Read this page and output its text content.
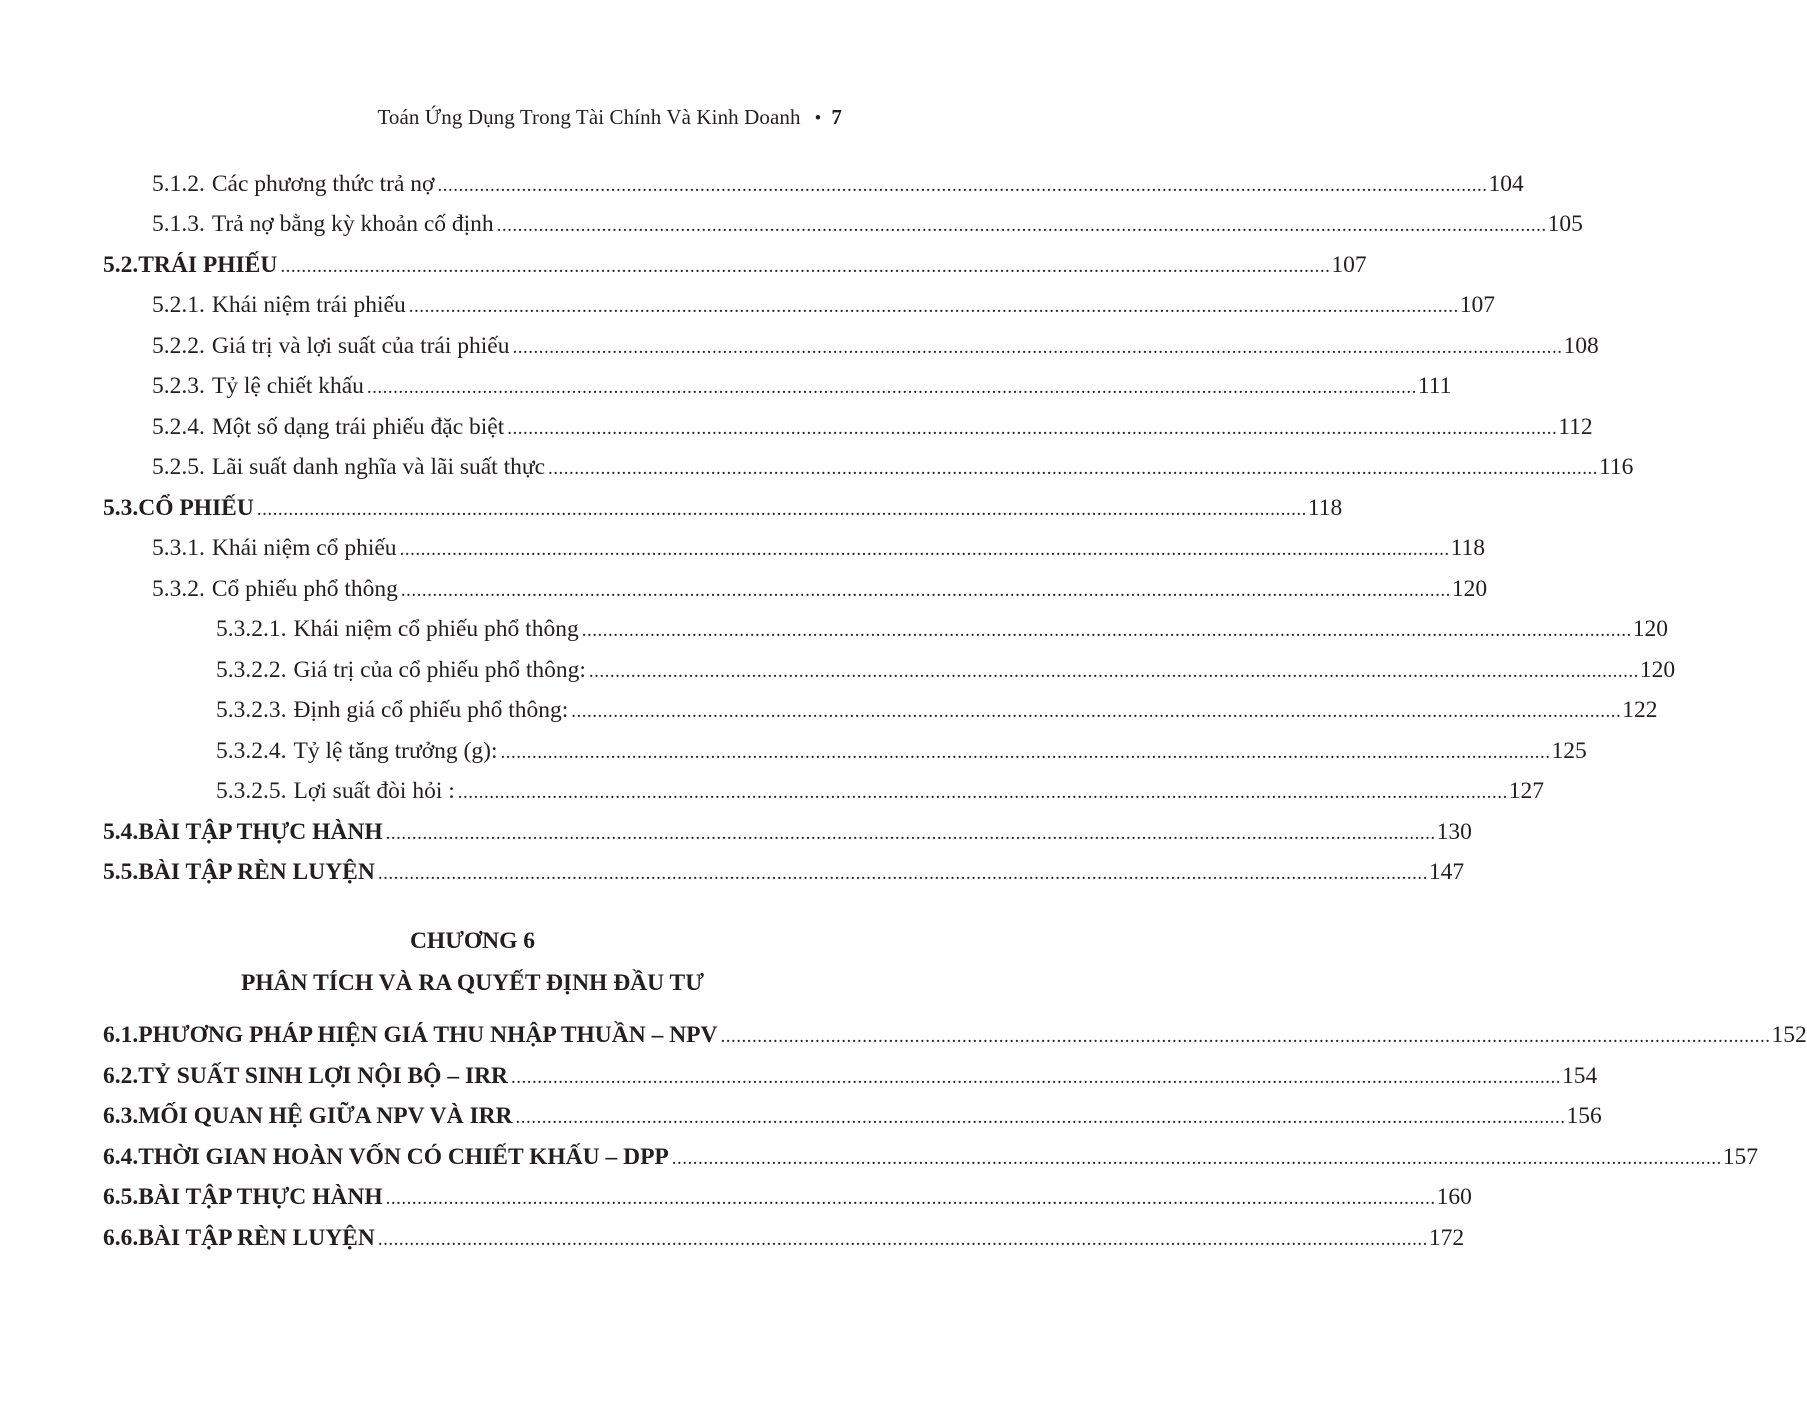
Toán Ứng Dụng Trong Tài Chính Và Kinh Doanh • 7
5.1.2. Các phương thức trả nợ ........................................................................................................................................................................................................ 104
5.1.3. Trả nợ bằng kỳ khoản cố định ........................................................................................................................................................................................................ 105
5.2. TRÁI PHIẾU ........................................................................................................................................................................................................ 107
5.2.1. Khái niệm trái phiếu ........................................................................................................................................................................................................ 107
5.2.2. Giá trị và lợi suất của trái phiếu ........................................................................................................................................................................................................ 108
5.2.3. Tỷ lệ chiết khấu ........................................................................................................................................................................................................ 111
5.2.4. Một số dạng trái phiếu đặc biệt ........................................................................................................................................................................................................ 112
5.2.5. Lãi suất danh nghĩa và lãi suất thực ........................................................................................................................................................................................................ 116
5.3. CỔ PHIẾU ........................................................................................................................................................................................................ 118
5.3.1. Khái niệm cổ phiếu ........................................................................................................................................................................................................ 118
5.3.2. Cổ phiếu phổ thông ........................................................................................................................................................................................................ 120
5.3.2.1. Khái niệm cổ phiếu phổ thông ........................................................................................................................................................................................................ 120
5.3.2.2. Giá trị của cổ phiếu phổ thông: ........................................................................................................................................................................................................ 120
5.3.2.3. Định giá cổ phiếu phổ thông: ........................................................................................................................................................................................................ 122
5.3.2.4. Tỷ lệ tăng trưởng (g): ........................................................................................................................................................................................................ 125
5.3.2.5. Lợi suất đòi hỏi : ........................................................................................................................................................................................................ 127
5.4. BÀI TẬP THỰC HÀNH ........................................................................................................................................................................................................ 130
5.5. BÀI TẬP RÈN LUYỆN ........................................................................................................................................................................................................ 147
CHƯƠNG 6
PHÂN TÍCH VÀ RA QUYẾT ĐỊNH ĐẦU TƯ
6.1. PHƯƠNG PHÁP HIỆN GIÁ THU NHẬP THUẦN – NPV ........................................................................................................................................................................................................ 152
6.2. TỶ SUẤT SINH LỢI NỘI BỘ – IRR ........................................................................................................................................................................................................ 154
6.3. MỐI QUAN HỆ GIỮA NPV VÀ IRR ........................................................................................................................................................................................................ 156
6.4. THỜI GIAN HOÀN VỐN CÓ CHIẾT KHẤU – DPP ........................................................................................................................................................................................................ 157
6.5. BÀI TẬP THỰC HÀNH ........................................................................................................................................................................................................ 160
6.6. BÀI TẬP RÈN LUYỆN ........................................................................................................................................................................................................ 172
